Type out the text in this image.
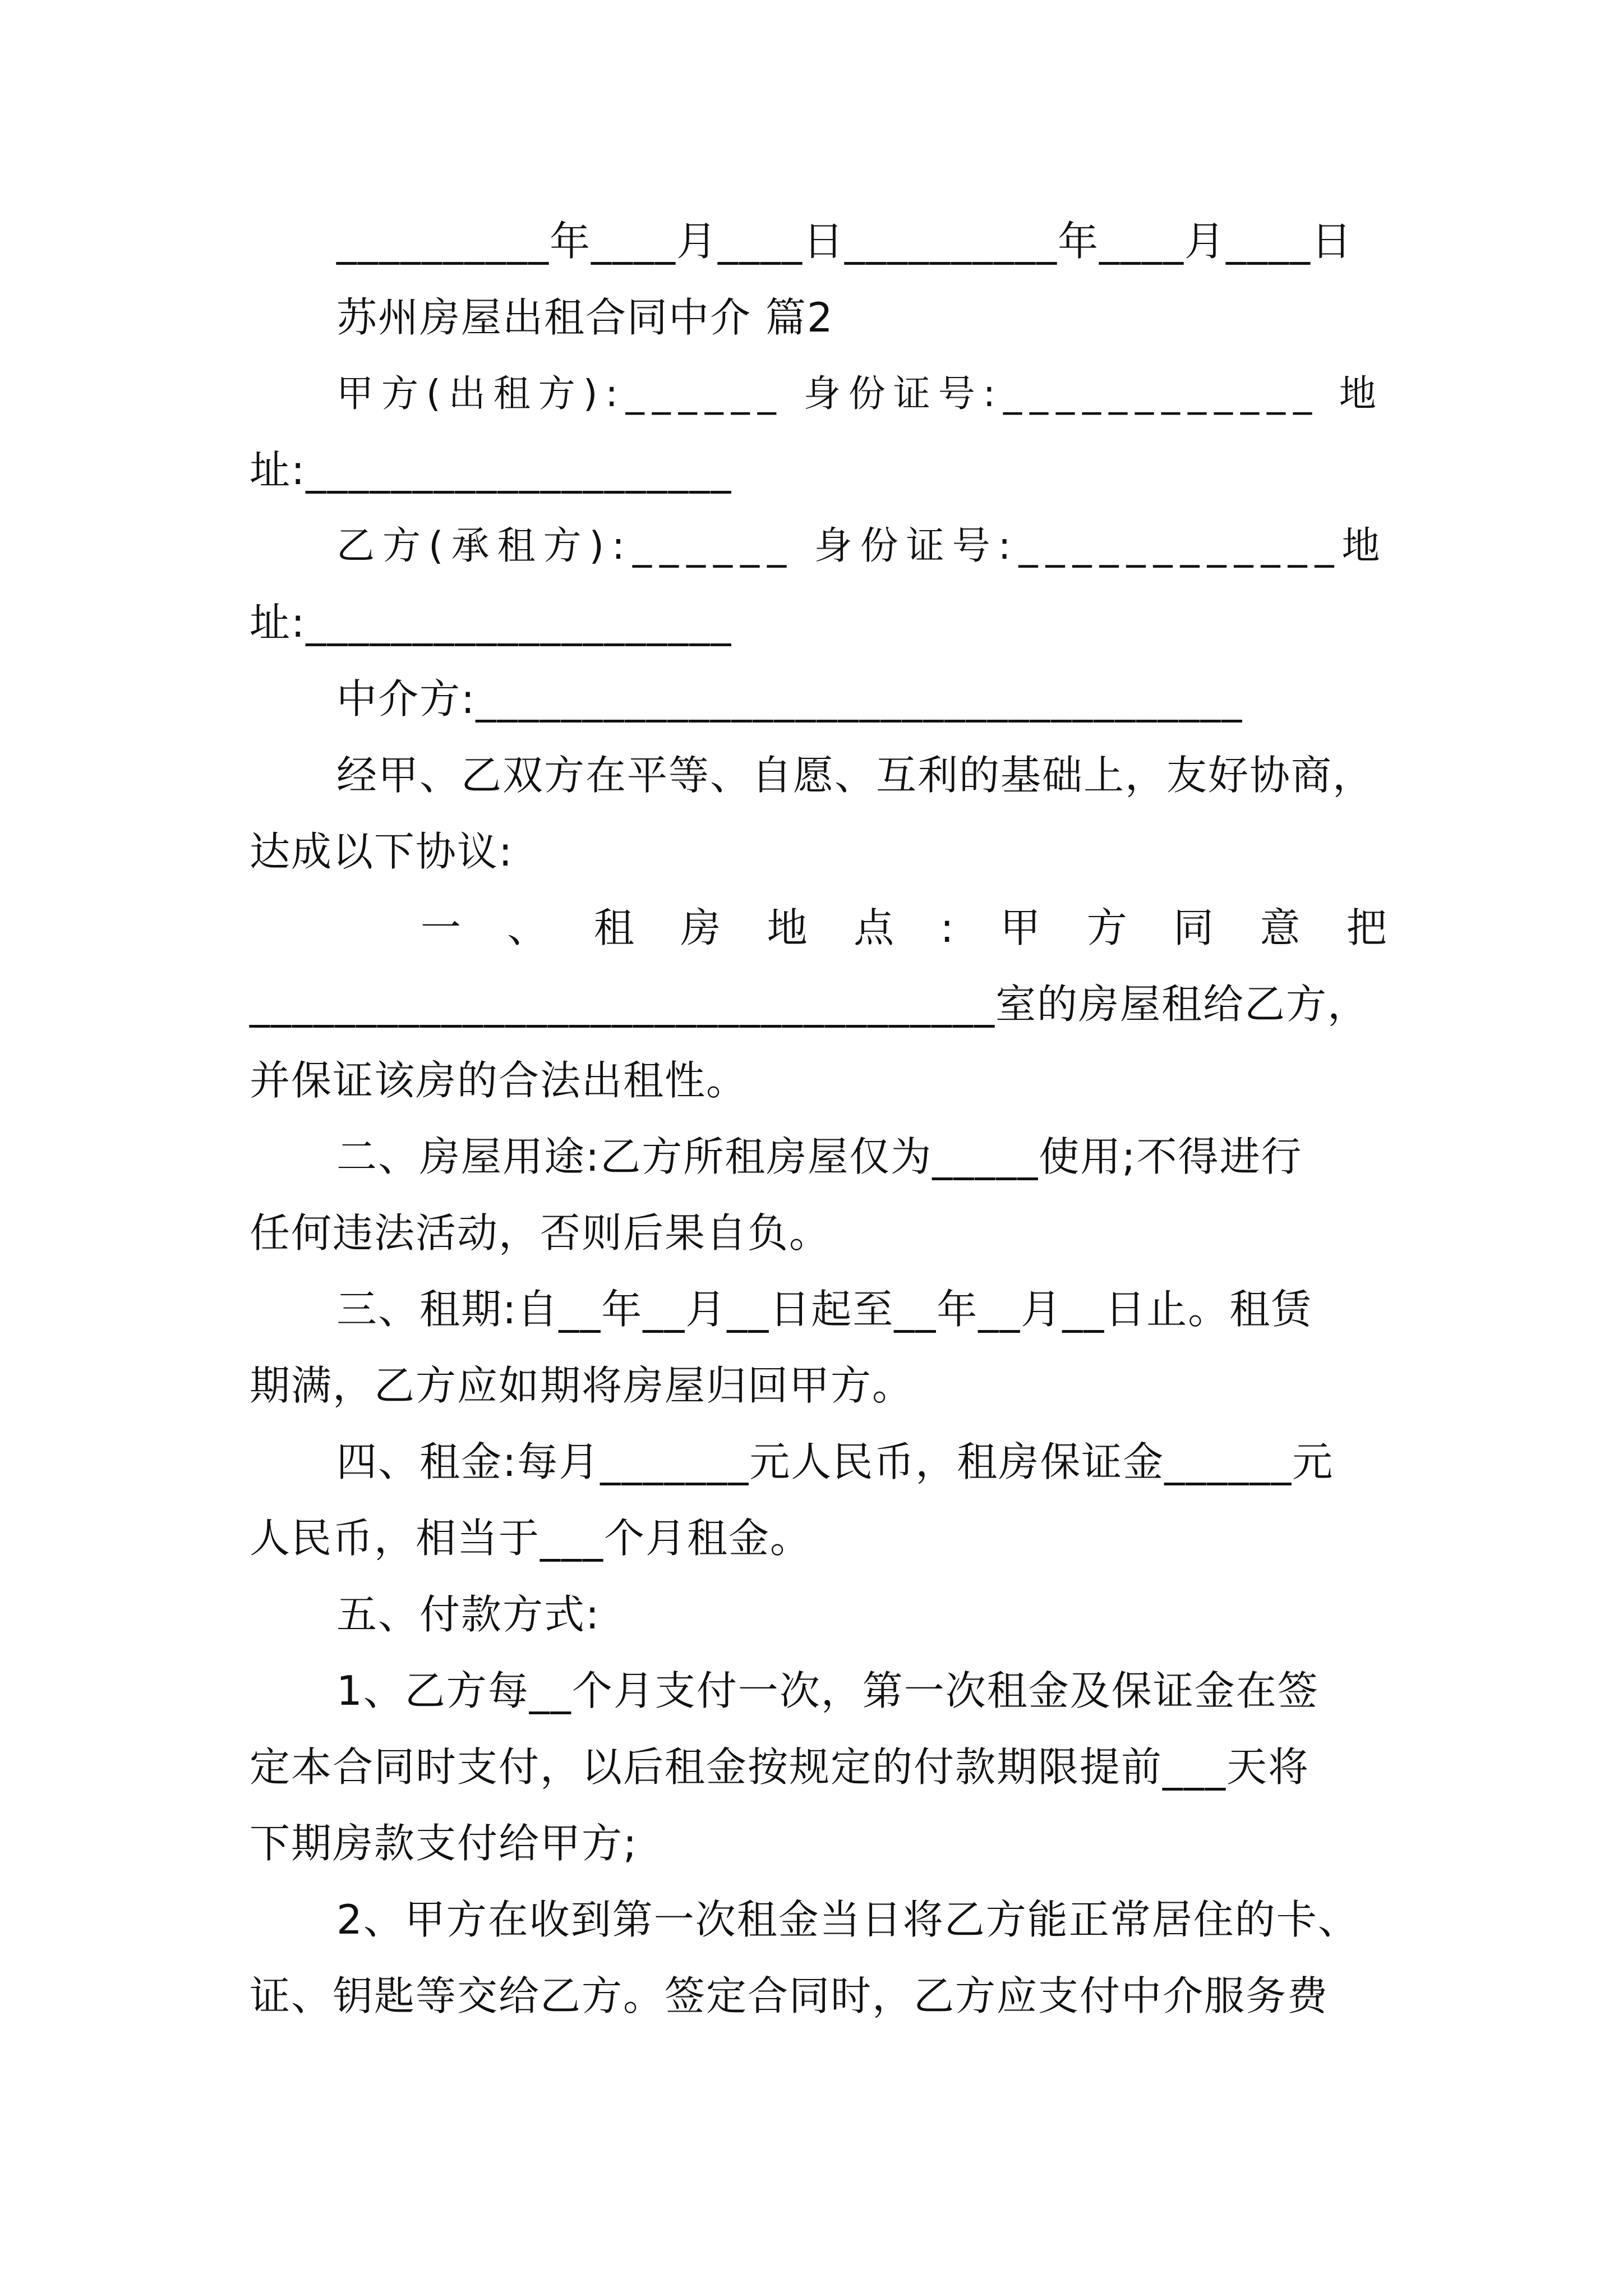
__________年____月____日__________年____月____日
苏州房屋出租合同中介 篇2
甲方(出租方):______ 身份证号:____________ 地
址:____________________
乙方(承租方):______ 身份证号:____________地
址:____________________
中介方:____________________________________
经甲、乙双方在平等、自愿、互利的基础上，友好协商，
达成以下协议:
一 、 租 房 地 点 : 甲 方 同 意 把
___________________________________室的房屋租给乙方，
并保证该房的合法出租性。
二、房屋用途:乙方所租房屋仅为_____使用;不得进行
任何违法活动，否则后果自负。
三、租期:自__年__月__日起至__年__月__日止。租赁
期满，乙方应如期将房屋归回甲方。
四、租金:每月_______元人民币，租房保证金______元
人民币，相当于___个月租金。
五、付款方式:
1、乙方每__个月支付一次，第一次租金及保证金在签
定本合同时支付，以后租金按规定的付款期限提前___天将
下期房款支付给甲方;
2、甲方在收到第一次租金当日将乙方能正常居住的卡、
证、钥匙等交给乙方。签定合同时，乙方应支付中介服务费
